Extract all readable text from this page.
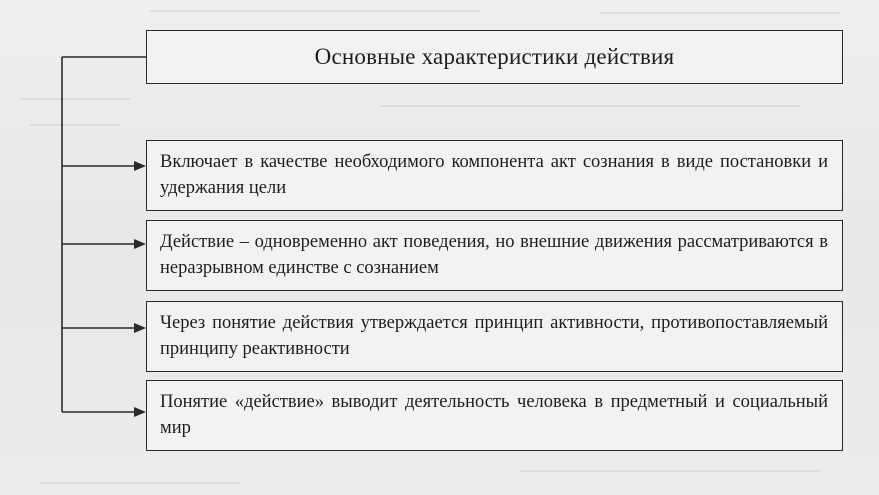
Основные характеристики действия
Включает в качестве необходимого компонента акт сознания в виде постановки и удержания цели
Действие – одновременно акт поведения, но внешние движения рассматриваются в неразрывном единстве с сознанием
Через понятие действия утверждается принцип активности, противопоставляемый принципу реактивности
Понятие «действие» выводит деятельность человека в предметный и социальный мир
